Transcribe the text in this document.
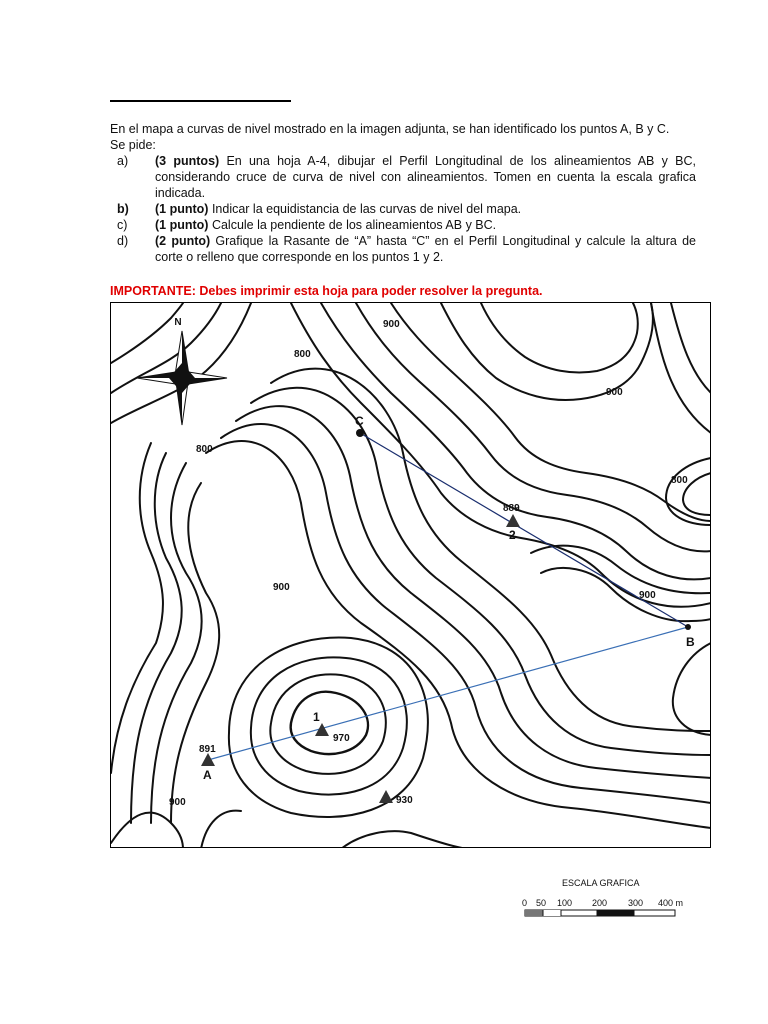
En el mapa a curvas de nivel mostrado en la imagen adjunta, se han identificado los puntos A, B y C.

Se pide:

a) (3 puntos) En una hoja A-4, dibujar el Perfil Longitudinal de los alineamientos AB y BC, considerando cruce de curva de nivel con alineamientos. Tomen en cuenta la escala grafica indicada.
b) (1 punto) Indicar la equidistancia de las curvas de nivel del mapa.
c) (1 punto) Calcule la pendiente de los alineamientos AB y BC.
d) (2 punto) Grafique la Rasante de “A” hasta “C” en el Perfil Longitudinal y calcule la altura de corte o relleno que corresponde en los puntos 1 y 2.
IMPORTANTE: Debes imprimir esta hoja para poder resolver la pregunta.
N	900
800
900
800
800
900
900
900
C
B
891
A
889
2
1
970
930
ESCALA GRAFICA
0 50 100 200 300 400 m
